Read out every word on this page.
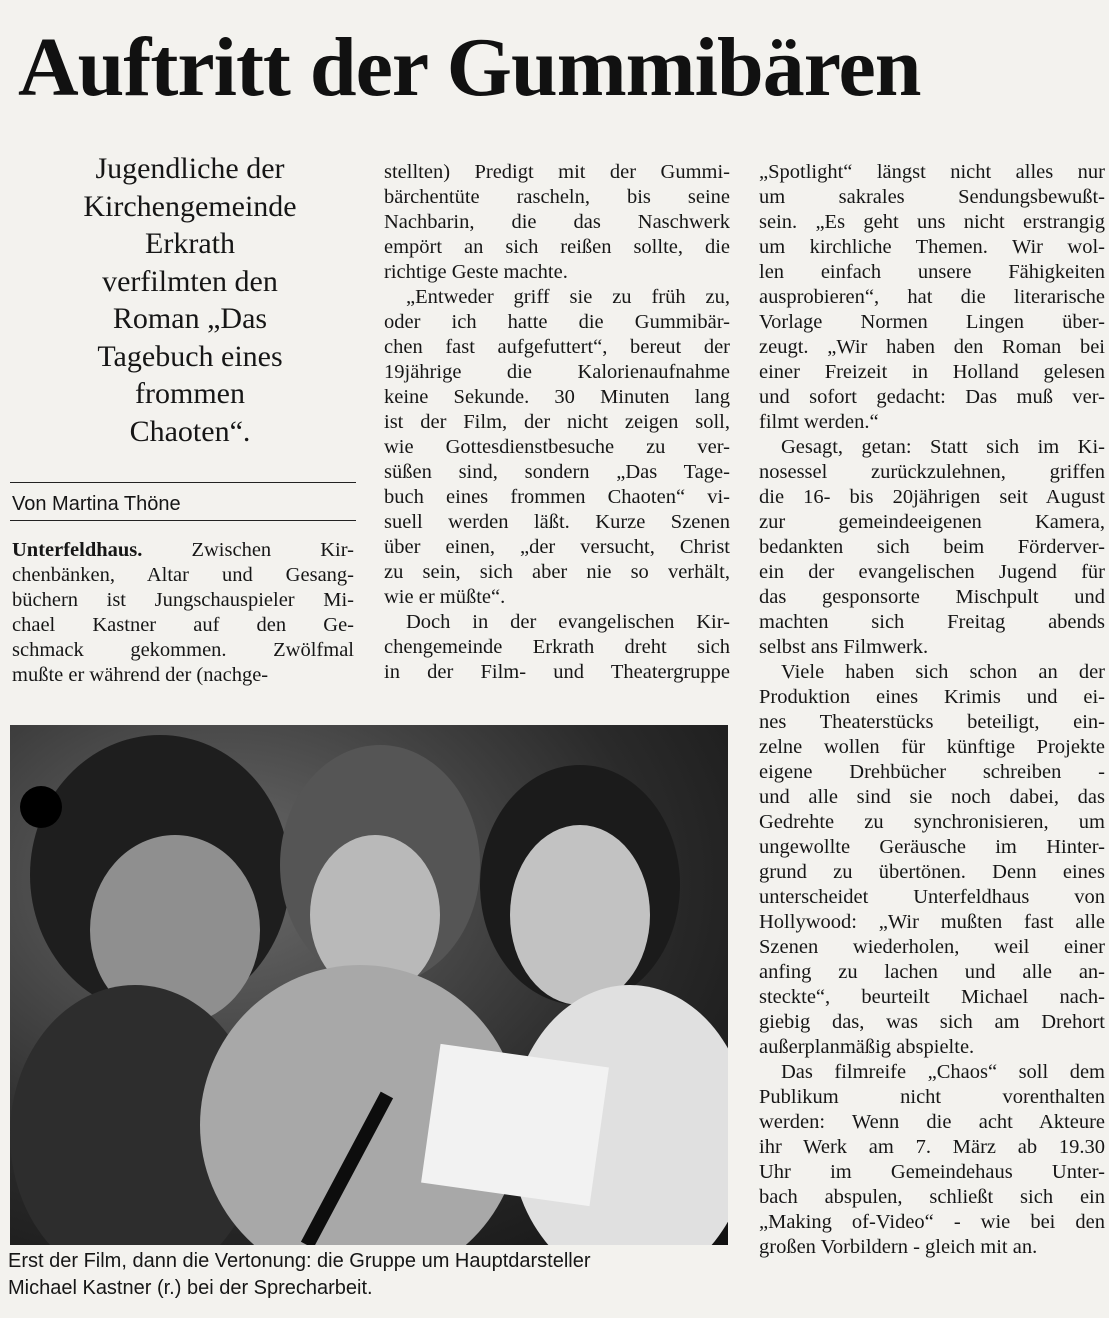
Auftritt der Gummibären
Jugendliche der
Kirchengemeinde
Erkrath
verfilmten den
Roman „Das
Tagebuch eines
frommen
Chaoten“.
Von Martina Thöne
Unterfeldhaus. Zwischen Kir-
chenbänken, Altar und Gesang-
büchern ist Jungschauspieler Mi-
chael Kastner auf den Ge-
schmack gekommen. Zwölfmal
mußte er während der (nachge-
stellten) Predigt mit der Gummi-
bärchentüte rascheln, bis seine
Nachbarin, die das Naschwerk
empört an sich reißen sollte, die
richtige Geste machte.
„Entweder griff sie zu früh zu,
oder ich hatte die Gummibär-
chen fast aufgefuttert“, bereut der
19jährige die Kalorienaufnahme
keine Sekunde. 30 Minuten lang
ist der Film, der nicht zeigen soll,
wie Gottesdienstbesuche zu ver-
süßen sind, sondern „Das Tage-
buch eines frommen Chaoten“ vi-
suell werden läßt. Kurze Szenen
über einen, „der versucht, Christ
zu sein, sich aber nie so verhält,
wie er müßte“.
Doch in der evangelischen Kir-
chengemeinde Erkrath dreht sich
in der Film- und Theatergruppe
„Spotlight“ längst nicht alles nur
um sakrales Sendungsbewußt-
sein. „Es geht uns nicht erstrangig
um kirchliche Themen. Wir wol-
len einfach unsere Fähigkeiten
ausprobieren“, hat die literarische
Vorlage Normen Lingen über-
zeugt. „Wir haben den Roman bei
einer Freizeit in Holland gelesen
und sofort gedacht: Das muß ver-
filmt werden.“
Gesagt, getan: Statt sich im Ki-
nosessel zurückzulehnen, griffen
die 16- bis 20jährigen seit August
zur gemeindeeigenen Kamera,
bedankten sich beim Förderver-
ein der evangelischen Jugend für
das gesponsorte Mischpult und
machten sich Freitag abends
selbst ans Filmwerk.
Viele haben sich schon an der
Produktion eines Krimis und ei-
nes Theaterstücks beteiligt, ein-
zelne wollen für künftige Projekte
eigene Drehbücher schreiben -
und alle sind sie noch dabei, das
Gedrehte zu synchronisieren, um
ungewollte Geräusche im Hinter-
grund zu übertönen. Denn eines
unterscheidet Unterfeldhaus von
Hollywood: „Wir mußten fast alle
Szenen wiederholen, weil einer
anfing zu lachen und alle an-
steckte“, beurteilt Michael nach-
giebig das, was sich am Drehort
außerplanmäßig abspielte.
Das filmreife „Chaos“ soll dem
Publikum nicht vorenthalten
werden: Wenn die acht Akteure
ihr Werk am 7. März ab 19.30
Uhr im Gemeindehaus Unter-
bach abspulen, schließt sich ein
„Making of-Video“ - wie bei den
großen Vorbildern - gleich mit an.
Erst der Film, dann die Vertonung: die Gruppe um Hauptdarsteller
Michael Kastner (r.) bei der Sprecharbeit.
